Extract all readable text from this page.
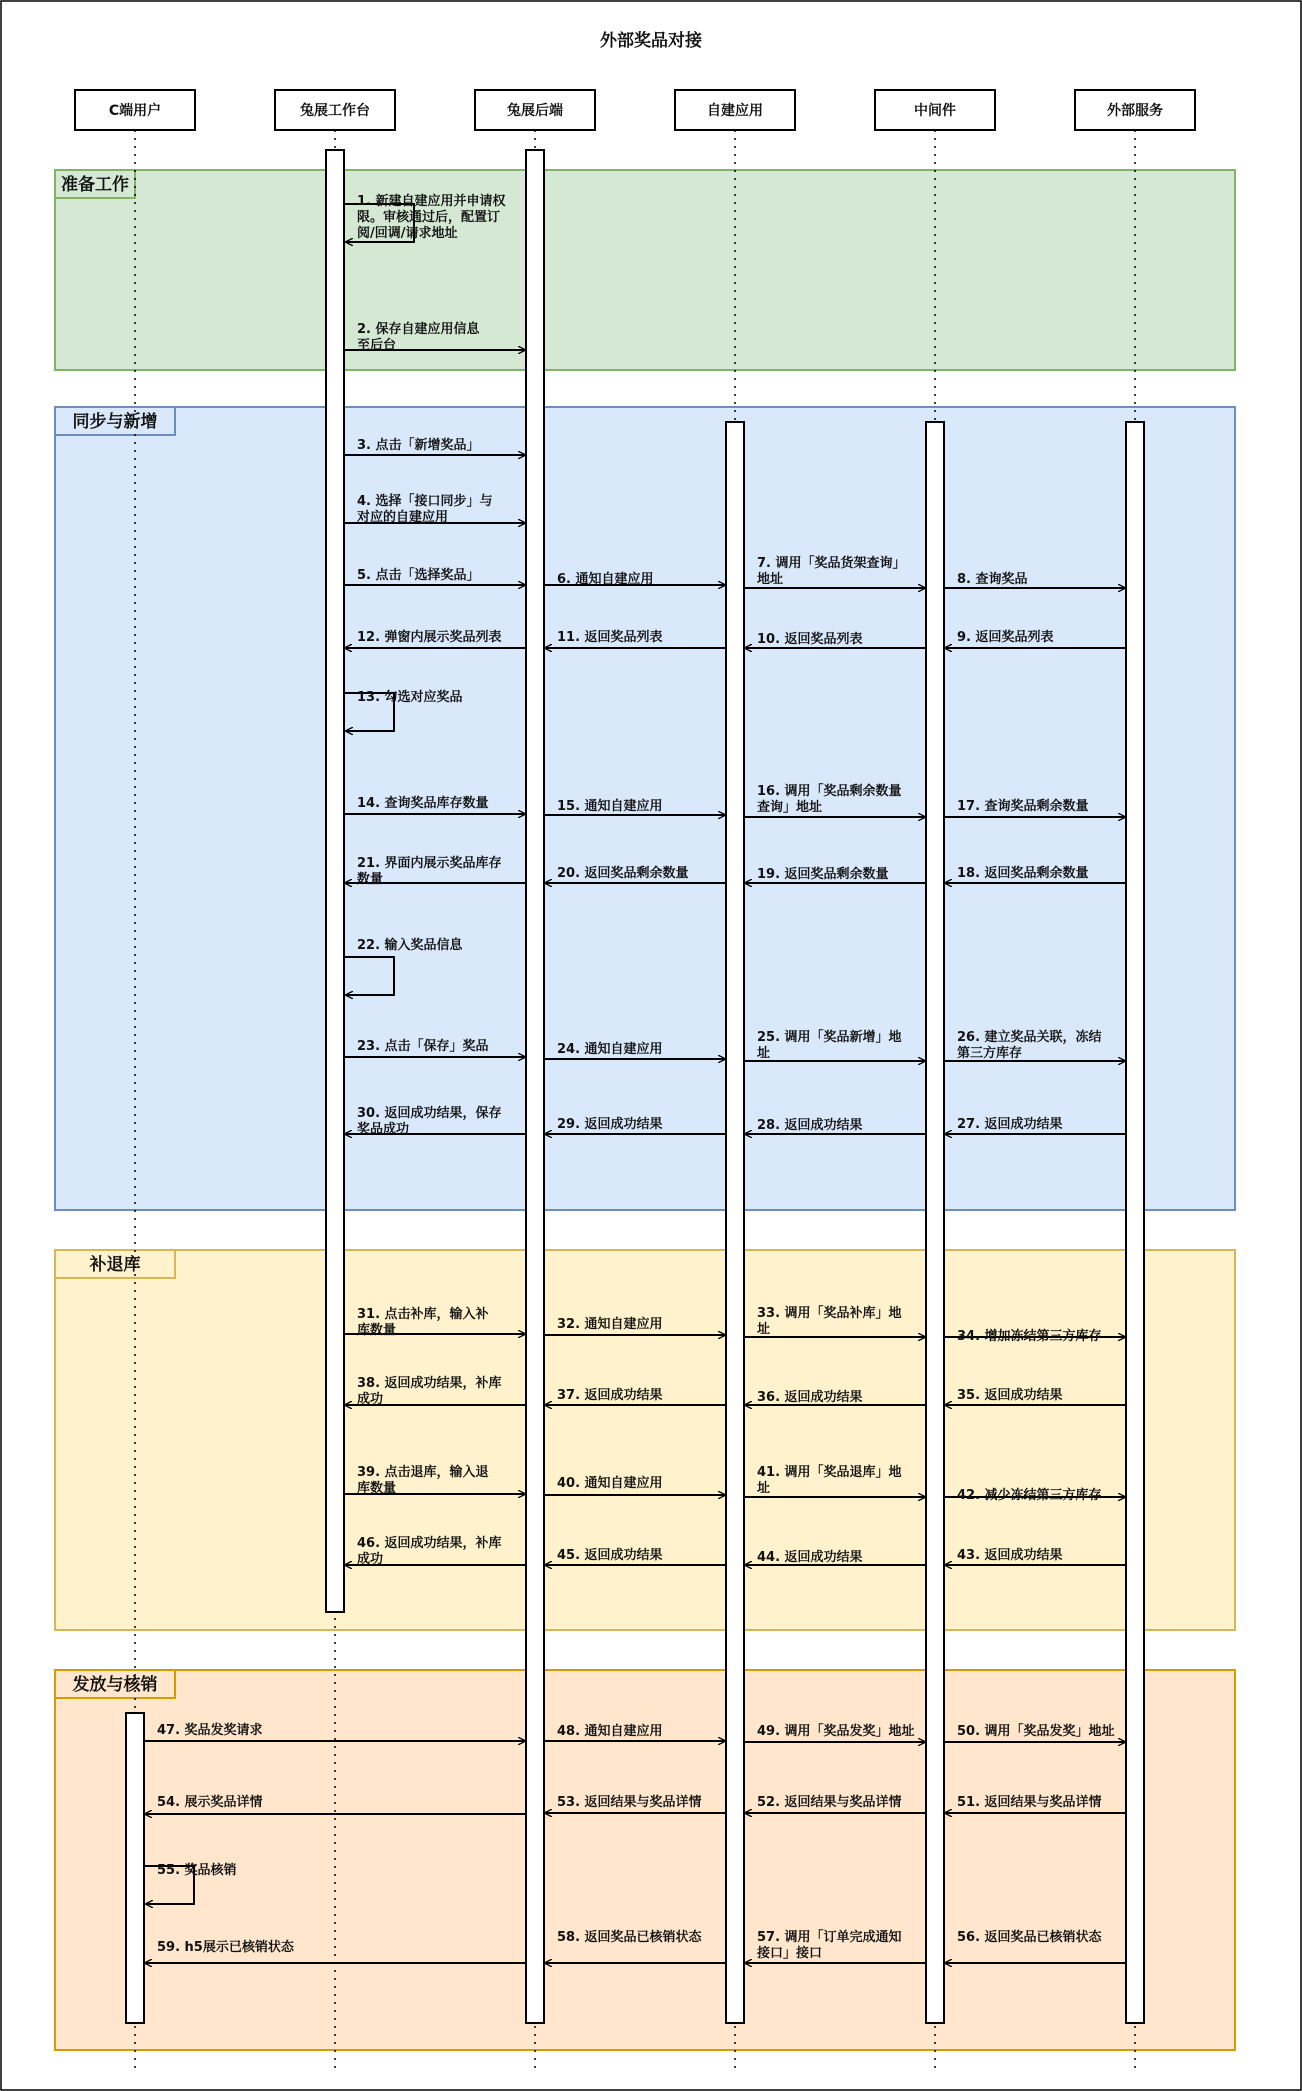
准备工作
同步与新增
补退库
发放与核销
C端用户	兔展工作台	兔展后端	自建应用	中间件	外部服务
1. 新建自建应用并申请权限。审核通过后，配置订阅/回调/请求地址
2. 保存自建应用信息至后台
3. 点击「新增奖品」
4. 选择「接口同步」与对应的自建应用
5. 点击「选择奖品」	6. 通知自建应用
7. 调用「奖品货架查询」地址	8. 查询奖品
9. 返回奖品列表
10. 返回奖品列表
11. 返回奖品列表
12. 弹窗内展示奖品列表
13. 勾选对应奖品
14. 查询奖品库存数量	15. 通知自建应用
16. 调用「奖品剩余数量查询」地址	17. 查询奖品剩余数量
18. 返回奖品剩余数量
19. 返回奖品剩余数量
20. 返回奖品剩余数量
21. 界面内展示奖品库存数量
22. 输入奖品信息
23. 点击「保存」奖品	24. 通知自建应用
25. 调用「奖品新增」地址
26. 建立奖品关联，冻结第三方库存
27. 返回成功结果
28. 返回成功结果
29. 返回成功结果
30. 返回成功结果，保存奖品成功
31. 点击补库，输入补库数量	32. 通知自建应用
33. 调用「奖品补库」地址	34. 增加冻结第三方库存
35. 返回成功结果
36. 返回成功结果
37. 返回成功结果
38. 返回成功结果，补库成功
39. 点击退库，输入退库数量	40. 通知自建应用
41. 调用「奖品退库」地址	42. 减少冻结第三方库存
43. 返回成功结果
44. 返回成功结果
45. 返回成功结果
46. 返回成功结果，补库成功
47. 奖品发奖请求	48. 通知自建应用	49. 调用「奖品发奖」地址	50. 调用「奖品发奖」地址
51. 返回结果与奖品详情
52. 返回结果与奖品详情
53. 返回结果与奖品详情
54. 展示奖品详情
55. 奖品核销
56. 返回奖品已核销状态
57. 调用「订单完成通知接口」接口
58. 返回奖品已核销状态
59. h5展示已核销状态
外部奖品对接
